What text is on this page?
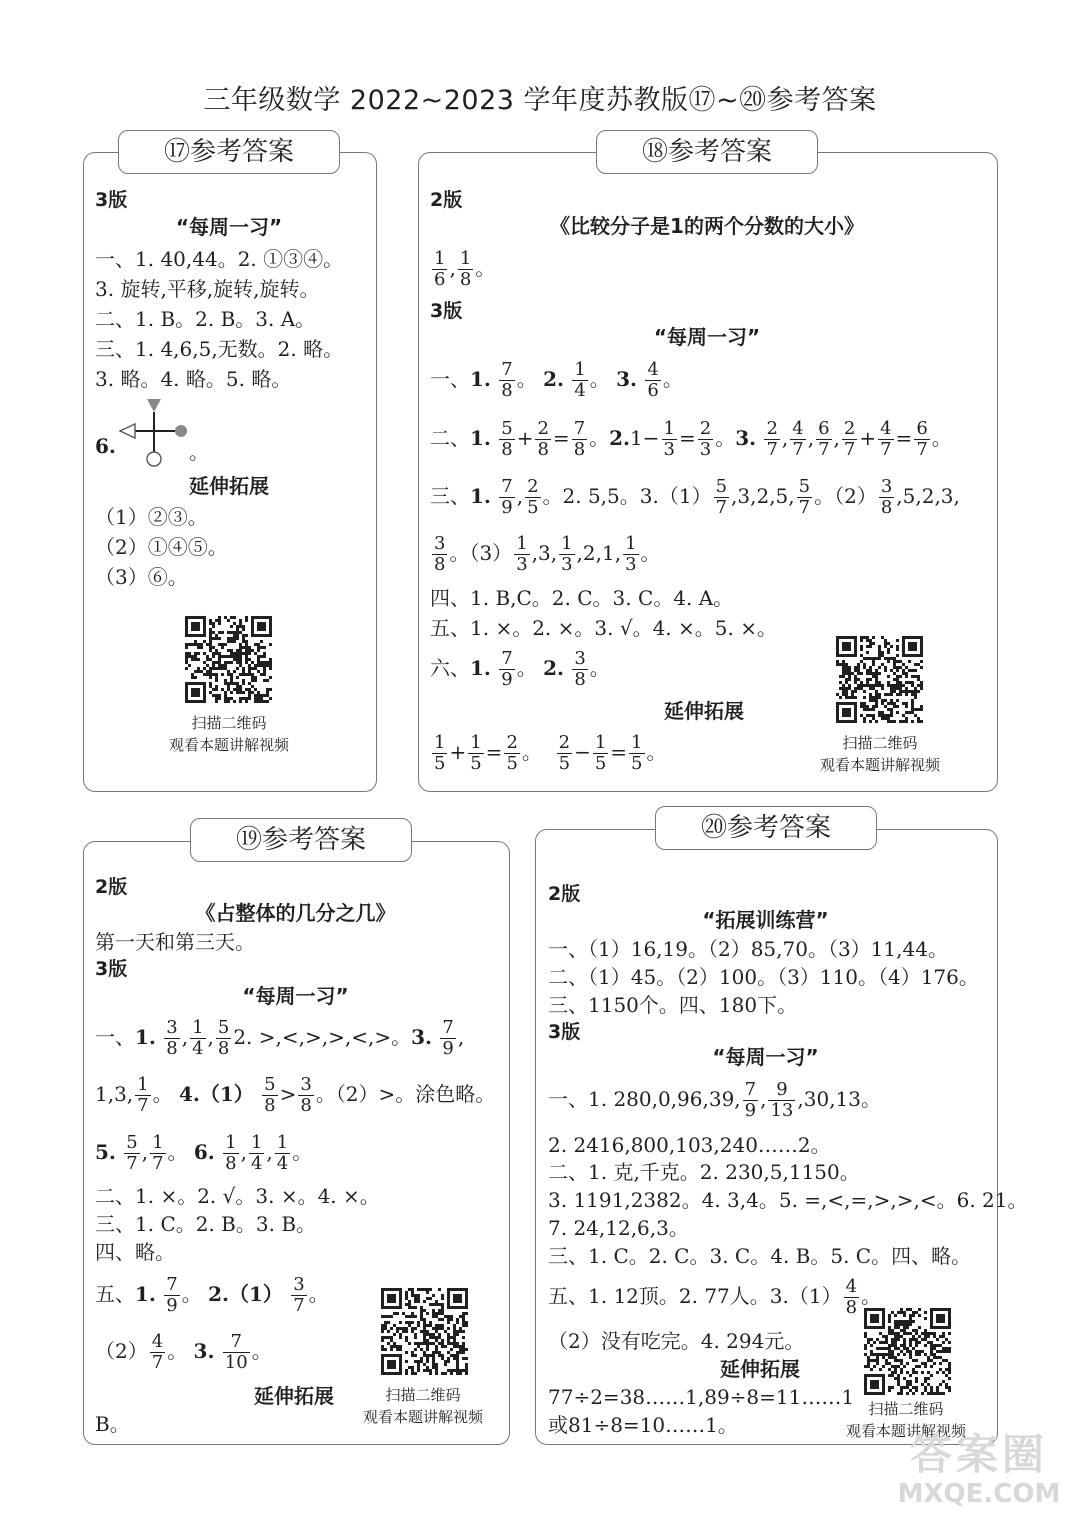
三年级数学 2022~2023 学年度苏教版⑰~⑳参考答案
⑰参考答案
3版
“每周一习”
一、1. 40,44。2. ①③④。
3. 旋转,平移,旋转,旋转。
二、1. B。2. B。3. A。
三、1. 4,6,5,无数。2. 略。
3. 略。4. 略。5. 略。
6.	。
延伸拓展
（1）②③。
（2）①④⑤。
（3）⑥。
扫描二维码
观看本题讲解视频
⑱参考答案
2版
《比较分子是1的两个分数的大小》
$\frac{1}{6}$ , $\frac{1}{8}$ 。
3版
“每周一习”
一、1. $\frac{7}{8}$ 。 2. $\frac{1}{4}$ 。 3. $\frac{4}{6}$ 。
二、1. $\frac{5}{8} + \frac{2}{8} = \frac{7}{8}$ 。$2.1- \frac{1}{3} = \frac{2}{3}$ 。3. $\frac{2}{7}$ , $\frac{4}{7}$ , $\frac{6}{7}$ , $\frac{2}{7} + \frac{4}{7} = \frac{6}{7}$ 。
三、1. $\frac{7}{9}$ , $\frac{2}{5}$ 。2. 5,5。$3.(1) \frac{5}{7} ,3,2,5$, $\frac{5}{7}$ 。$(2) \frac{3}{8} ,5,2,3$,
$\frac{3}{8}$ 。$(3) \frac{1}{3} ,3$, $\frac{1}{3} ,2,1$, $\frac{1}{3}$ 。
四、1. B,C。2. C。3. C。4. A。
五、1. ×。2. ×。3. √。4. ×。5. ×。
六、1. $\frac{7}{9}$ 。 2. $\frac{3}{8}$ 。
延伸拓展
$\frac{1}{5} + \frac{1}{5} = \frac{2}{5}$ 。 $\frac{2}{5} - \frac{1}{5} = \frac{1}{5}$ 。	扫描二维码
观看本题讲解视频
⑲参考答案
2版
《占整体的几分之几》
第一天和第三天。
3版
“每周一习”
一、1. $\frac{3}{8}$ , $\frac{1}{4}$ , $\frac{5}{8} 2$. >,<,>,>,<,>。3. $\frac{7}{9}$ ,
1,3, $\frac{1}{7}$ 。 $4.(1) \frac{5}{8} > \frac{3}{8}$ 。（2）>。涂色略。
5. $\frac{5}{7}$ , $\frac{1}{7}$ 。 6. $\frac{1}{8}$ , $\frac{1}{4}$ , $\frac{1}{4}$ 。
二、1. ×。2. √。3. ×。4. ×。
三、1. C。2. B。3. B。
四、略。
五、1. $\frac{7}{9}$ 。 $2.(1) \frac{3}{7}$ 。
$(2) \frac{4}{7}$ 。 3. $\frac{7}{10}$ 。
延伸拓展
B。
扫描二维码
观看本题讲解视频
⑳参考答案
2版
“拓展训练营”
一、（1）16,19。（2）85,70。（3）11,44。
二、（1）45。（2）100。（3）110。（4）176。
三、1150个。四、180下。
3版
“每周一习”
一、1. 280,0,96,39, $\frac{7}{9}$ , $\frac{9}{13} ,30,13$。
2. 2416,800,103,240……2。
二、1. 克,千克。2. 230,5,1150。
3. 1191,2382。4. 3,4。5. =,<,=,>,>,<。6. 21。
7. 24,12,6,3。
三、1. C。2. C。3. C。4. B。5. C。四、略。
五、1. 12顶。2. 77人。$3.(1) \frac{4}{8}$ 。
（2）没有吃完。4. 294元。
延伸拓展
77÷2=38……1,89÷8=11……1
或81÷8=10……1。
扫描二维码
观看本题讲解视频
答案圈
MXQE.COM
